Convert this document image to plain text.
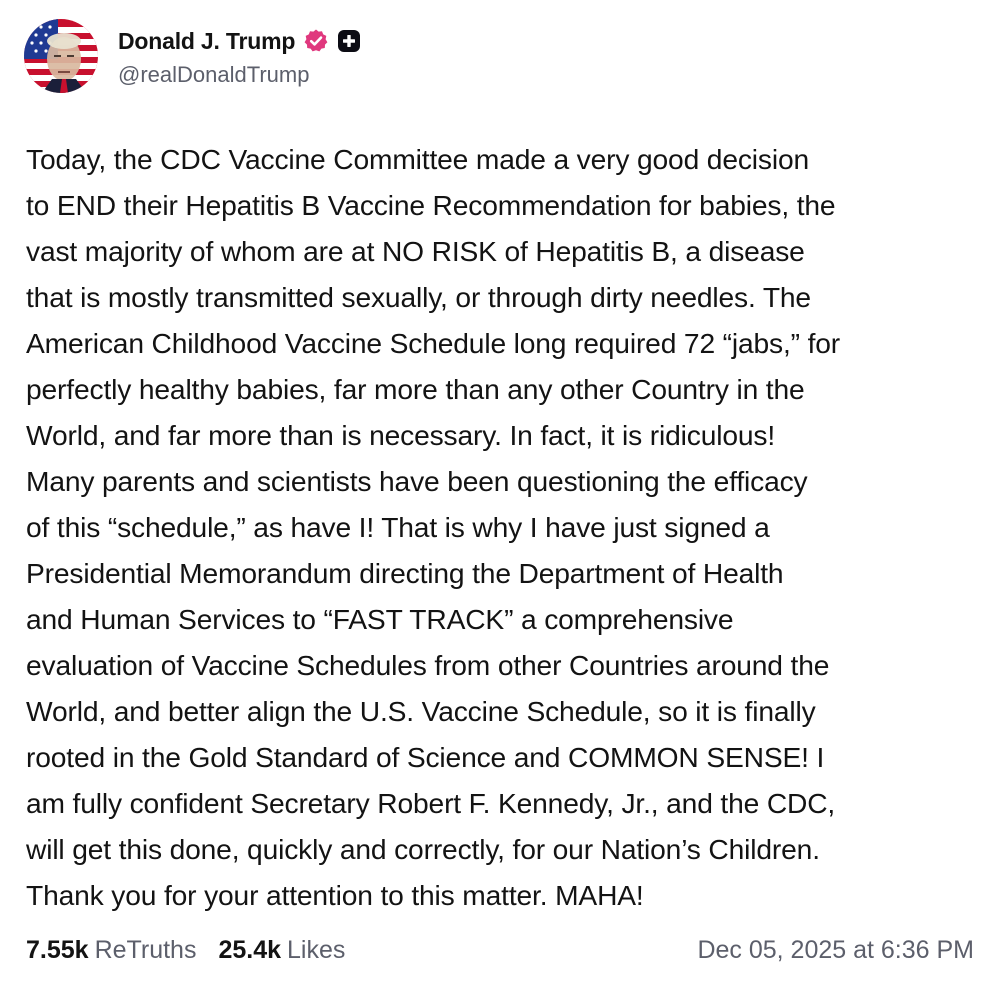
Donald J. Trump
@realDonaldTrump

Today, the CDC Vaccine Committee made a very good decision
to END their Hepatitis B Vaccine Recommendation for babies, the
vast majority of whom are at NO RISK of Hepatitis B, a disease
that is mostly transmitted sexually, or through dirty needles. The
American Childhood Vaccine Schedule long required 72 “jabs,” for
perfectly healthy babies, far more than any other Country in the
World, and far more than is necessary. In fact, it is ridiculous!
Many parents and scientists have been questioning the efficacy
of this “schedule,” as have I! That is why I have just signed a
Presidential Memorandum directing the Department of Health
and Human Services to “FAST TRACK” a comprehensive
evaluation of Vaccine Schedules from other Countries around the
World, and better align the U.S. Vaccine Schedule, so it is finally
rooted in the Gold Standard of Science and COMMON SENSE! I
am fully confident Secretary Robert F. Kennedy, Jr., and the CDC,
will get this done, quickly and correctly, for our Nation’s Children.
Thank you for your attention to this matter. MAHA!

7.55k ReTruths 25.4k Likes	Dec 05, 2025 at 6:36 PM
